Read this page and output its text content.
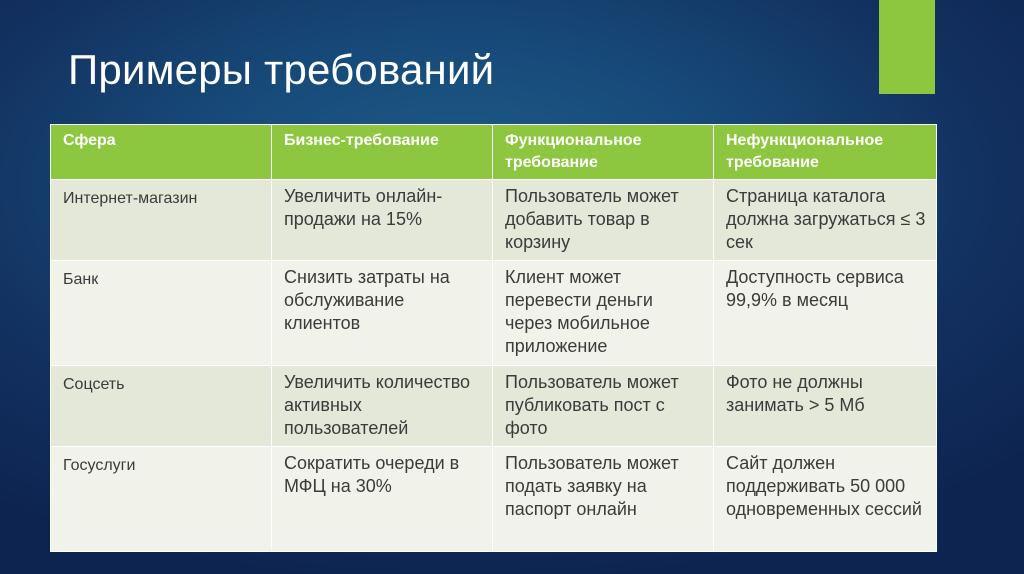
Примеры требований
Сфера	Бизнес-требование	Функциональное требование	Нефункциональное требование
Интернет-магазин	Увеличить онлайн-продажи на 15%	Пользователь может добавить товар в корзину	Страница каталога должна загружаться ≤ 3 сек
Банк	Снизить затраты на обслуживание клиентов	Клиент может перевести деньги через мобильное приложение	Доступность сервиса 99,9% в месяц
Соцсеть	Увеличить количество активных пользователей	Пользователь может публиковать пост с фото	Фото не должны занимать > 5 Мб
Госуслуги	Сократить очереди в МФЦ на 30%	Пользователь может подать заявку на паспорт онлайн	Сайт должен поддерживать 50 000 одновременных сессий
